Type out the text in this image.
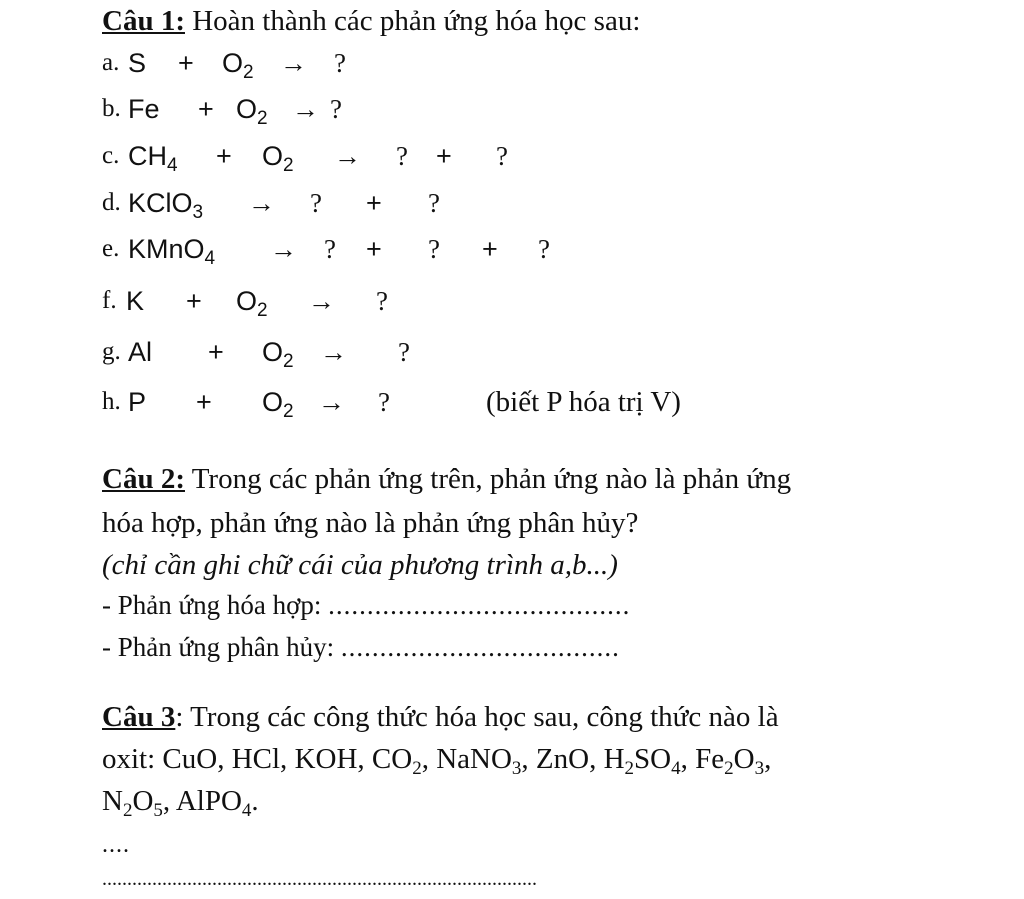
Câu 1: Hoàn thành các phản ứng hóa học sau:
a. $S + O_2$ → ?
b. $Fe + O_2$ → ?
c. $CH_4 + O_2$ → ? + ?
d. KClO$_3$ → ? + ?
e. KMnO$_4$ → ? + ? + ?
f. $K + O_2$ → ?
g. $Al + O_2$ → ?
h. $P + O_2$ → ?	(biết P hóa trị V)
Câu 2: Trong các phản ứng trên, phản ứng nào là phản ứng
hóa hợp, phản ứng nào là phản ứng phân hủy?
(chỉ cần ghi chữ cái của phương trình a,b...)
- Phản ứng hóa hợp: .......................................
- Phản ứng phân hủy: ....................................
Câu 3: Trong các công thức hóa học sau, công thức nào là
oxit: CuO, HCl, KOH, $CO_2$, NaNO$_3$, ZnO, $H_2SO_4$, $Fe_2O_3$,
$N_2O_5$, AlPO$_4$.
....
.......................................................................................
